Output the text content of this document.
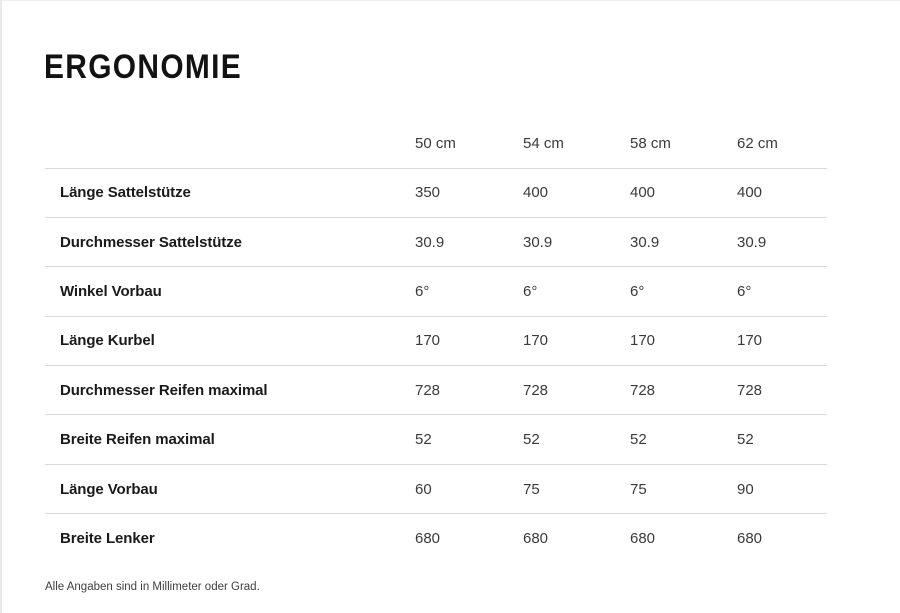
ERGONOMIE
	50 cm	54 cm	58 cm	62 cm
Länge Sattelstütze	350	400	400	400
Durchmesser Sattelstütze	30.9	30.9	30.9	30.9
Winkel Vorbau	6°	6°	6°	6°
Länge Kurbel	170	170	170	170
Durchmesser Reifen maximal	728	728	728	728
Breite Reifen maximal	52	52	52	52
Länge Vorbau	60	75	75	90
Breite Lenker	680	680	680	680

Alle Angaben sind in Millimeter oder Grad.
